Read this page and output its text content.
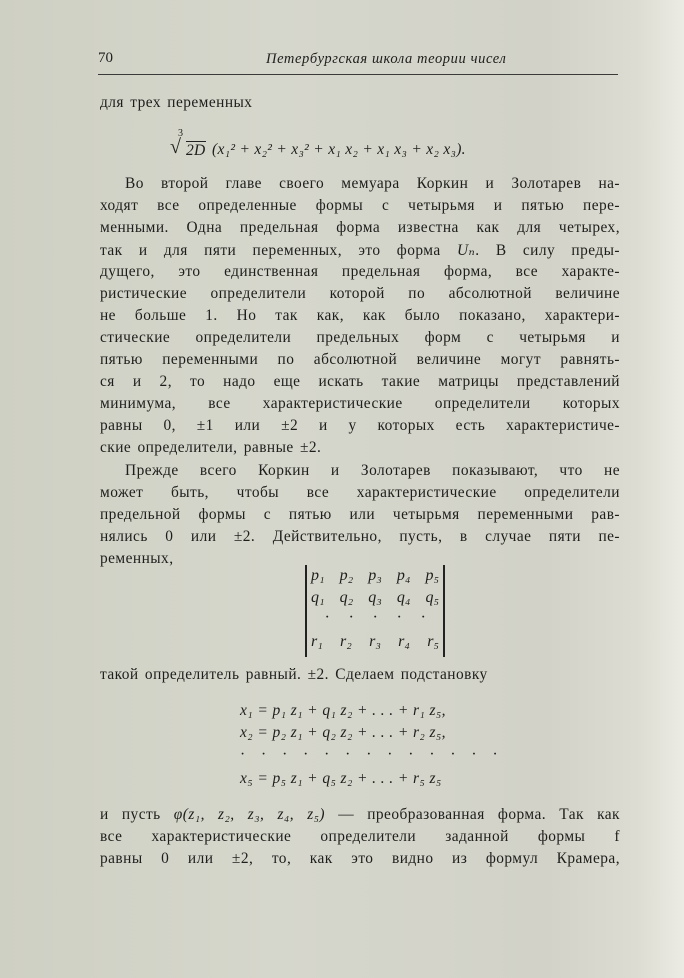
70	Петербургская школа теории чисел
для трех переменных
3
√ 2D (x₁² + x₂² + x₃² + x₁ x₂ + x₁ x₃ + x₂ x₃).
Во второй главе своего мемуара Коркин и Золотарев на-
ходят все определенные формы с четырьмя и пятью пере-
менными. Одна предельная форма известна как для четырех,
так и для пяти переменных, это форма Uₙ. В силу преды-
дущего, это единственная предельная форма, все характе-
ристические определители которой по абсолютной величине
не больше 1. Но так как, как было показано, характери-
стические определители предельных форм с четырьмя и
пятью переменными по абсолютной величине могут равнять-
ся и 2, то надо еще искать такие матрицы представлений
минимума, все характеристические определители которых
равны 0, ±1 или ±2 и у которых есть характеристиче-
ские определители, равные ±2.
Прежде всего Коркин и Золотарев показывают, что не
может быть, чтобы все характеристические определители
предельной формы с пятью или четырьмя переменными рав-
нялись 0 или ±2. Действительно, пусть, в случае пяти пе-
ременных,
p₁ p₂ p₃ p₄ p₅
q₁ q₂ q₃ q₄ q₅
· · · · ·
r₁ r₂ r₃ r₄ r₅
такой определитель равный. ±2. Сделаем подстановку
x₁ = p₁ z₁ + q₁ z₂ + . . . + r₁ z₅,
x₂ = p₂ z₁ + q₂ z₂ + . . . + r₂ z₅,
· · · · · · · · · · · · ·
x₅ = p₅ z₁ + q₅ z₂ + . . . + r₅ z₅
и пусть φ(z₁, z₂, z₃, z₄, z₅) — преобразованная форма. Так как
все характеристические определители заданной формы f
равны 0 или ±2, то, как это видно из формул Крамера,
